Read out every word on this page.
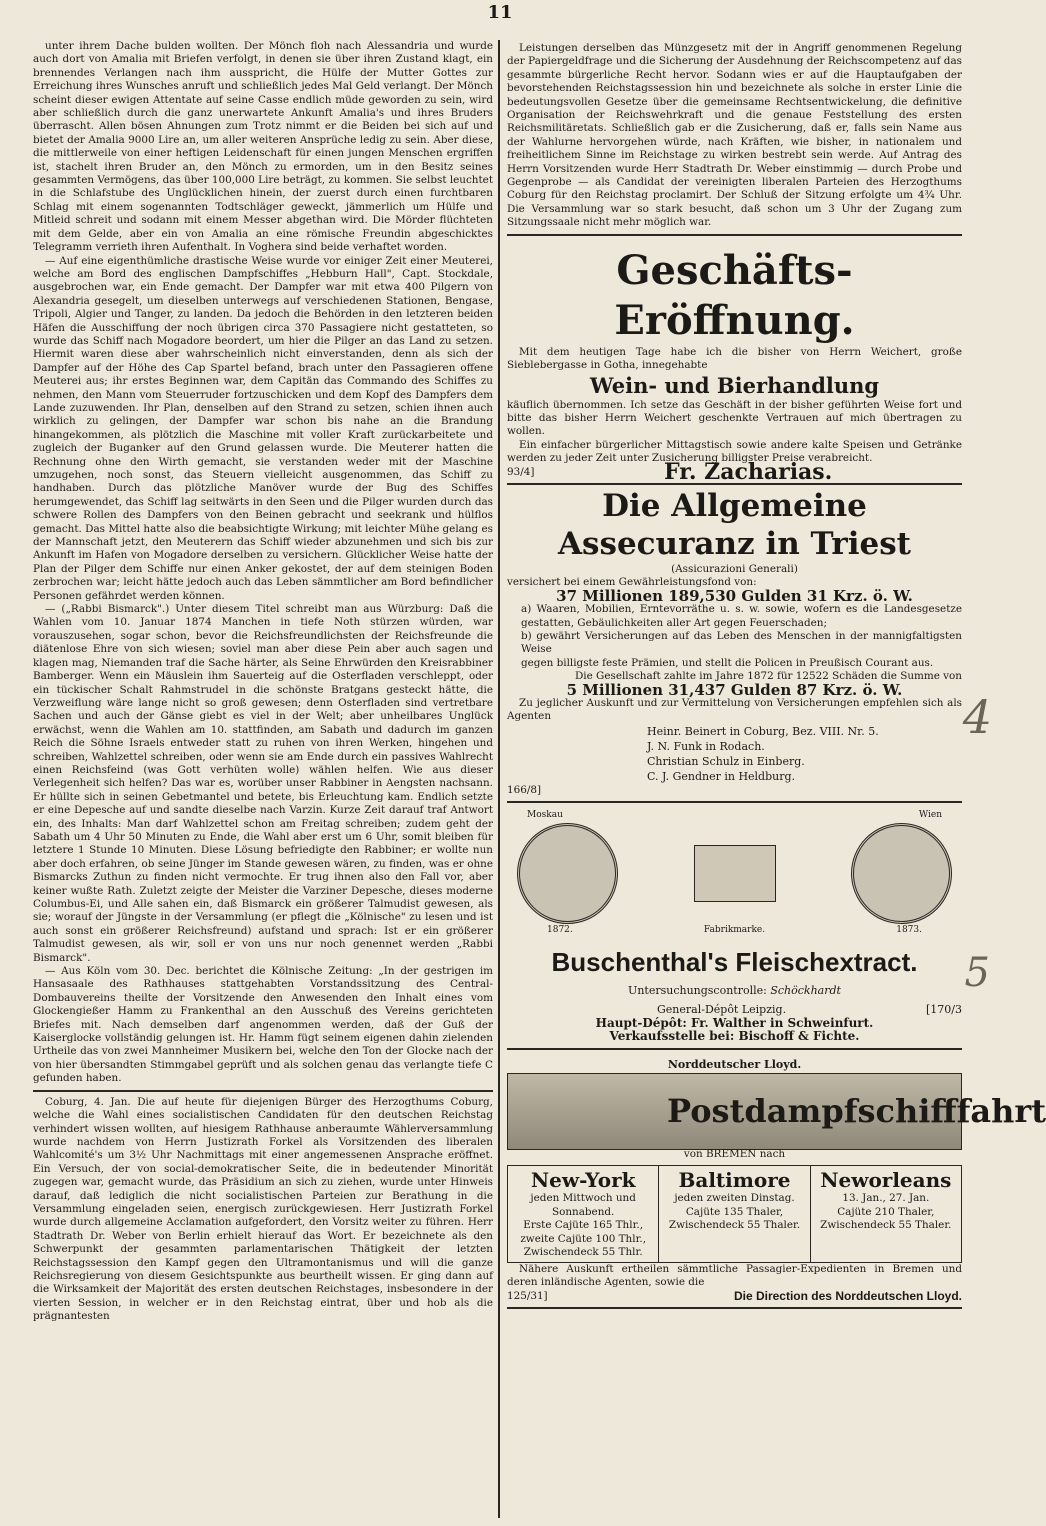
11

unter ihrem Dache bulden wollten. Der Mönch floh nach Alessandria und wurde auch dort von Amalia mit Briefen verfolgt, in denen sie über ihren Zustand klagt, ein brennendes Verlangen nach ihm ausspricht, die Hülfe der Mutter Gottes zur Erreichung ihres Wunsches anruft und schließlich jedes Mal Geld verlangt. Der Mönch scheint dieser ewigen Attentate auf seine Casse endlich müde geworden zu sein, wird aber schließlich durch die ganz unerwartete Ankunft Amalia's und ihres Bruders überrascht. Allen bösen Ahnungen zum Trotz nimmt er die Beiden bei sich auf und bietet der Amalia 9000 Lire an, um aller weiteren Ansprüche ledig zu sein. Aber diese, die mittlerweile von einer heftigen Leidenschaft für einen jungen Menschen ergriffen ist, stachelt ihren Bruder an, den Mönch zu ermorden, um in den Besitz seines gesammten Vermögens, das über 100,000 Lire beträgt, zu kommen. Sie selbst leuchtet in die Schlafstube des Unglücklichen hinein, der zuerst durch einen furchtbaren Schlag mit einem sogenannten Todtschläger geweckt, jämmerlich um Hülfe und Mitleid schreit und sodann mit einem Messer abgethan wird. Die Mörder flüchteten mit dem Gelde, aber ein von Amalia an eine römische Freundin abgeschicktes Telegramm verrieth ihren Aufenthalt. In Voghera sind beide verhaftet worden.

— Auf eine eigenthümliche drastische Weise wurde vor einiger Zeit einer Meuterei, welche am Bord des englischen Dampfschiffes „Hebburn Hall", Capt. Stockdale, ausgebrochen war, ein Ende gemacht. Der Dampfer war mit etwa 400 Pilgern von Alexandria gesegelt, um dieselben unterwegs auf verschiedenen Stationen, Bengase, Tripoli, Algier und Tanger, zu landen. Da jedoch die Behörden in den letzteren beiden Häfen die Ausschiffung der noch übrigen circa 370 Passagiere nicht gestatteten, so wurde das Schiff nach Mogadore beordert, um hier die Pilger an das Land zu setzen. Hiermit waren diese aber wahrscheinlich nicht einverstanden, denn als sich der Dampfer auf der Höhe des Cap Spartel befand, brach unter den Passagieren offene Meuterei aus; ihr erstes Beginnen war, dem Capitän das Commando des Schiffes zu nehmen, den Mann vom Steuerruder fortzuschicken und dem Kopf des Dampfers dem Lande zuzuwenden. Ihr Plan, denselben auf den Strand zu setzen, schien ihnen auch wirklich zu gelingen, der Dampfer war schon bis nahe an die Brandung hinangekommen, als plötzlich die Maschine mit voller Kraft zurückarbeitete und zugleich der Buganker auf den Grund gelassen wurde. Die Meuterer hatten die Rechnung ohne den Wirth gemacht, sie verstanden weder mit der Maschine umzugehen, noch sonst, das Steuern vielleicht ausgenommen, das Schiff zu handhaben. Durch das plötzliche Manöver wurde der Bug des Schiffes herumgewendet, das Schiff lag seitwärts in den Seen und die Pilger wurden durch das schwere Rollen des Dampfers von den Beinen gebracht und seekrank und hülflos gemacht. Das Mittel hatte also die beabsichtigte Wirkung; mit leichter Mühe gelang es der Mannschaft jetzt, den Meuterern das Schiff wieder abzunehmen und sich bis zur Ankunft im Hafen von Mogadore derselben zu versichern. Glücklicher Weise hatte der Plan der Pilger dem Schiffe nur einen Anker gekostet, der auf dem steinigen Boden zerbrochen war; leicht hätte jedoch auch das Leben sämmtlicher am Bord befindlicher Personen gefährdet werden können.

— („Rabbi Bismarck".) Unter diesem Titel schreibt man aus Würzburg: Daß die Wahlen vom 10. Januar 1874 Manchen in tiefe Noth stürzen würden, war vorauszusehen, sogar schon, bevor die Reichsfreundlichsten der Reichsfreunde die diätenlose Ehre von sich wiesen; soviel man aber diese Pein aber auch sagen und klagen mag, Niemanden traf die Sache härter, als Seine Ehrwürden den Kreisrabbiner Bamberger. Wenn ein Mäuslein ihm Sauerteig auf die Osterfladen verschleppt, oder ein tückischer Schalt Rahmstrudel in die schönste Bratgans gesteckt hätte, die Verzweiflung wäre lange nicht so groß gewesen; denn Osterfladen sind vertretbare Sachen und auch der Gänse giebt es viel in der Welt; aber unheilbares Unglück erwächst, wenn die Wahlen am 10. stattfinden, am Sabath und dadurch im ganzen Reich die Söhne Israels entweder statt zu ruhen von ihren Werken, hingehen und schreiben, Wahlzettel schreiben, oder wenn sie am Ende durch ein passives Wahlrecht einen Reichsfeind (was Gott verhüten wolle) wählen helfen. Wie aus dieser Verlegenheit sich helfen? Das war es, worüber unser Rabbiner in Aengsten nachsann. Er hüllte sich in seinen Gebetmantel und betete, bis Erleuchtung kam. Endlich setzte er eine Depesche auf und sandte dieselbe nach Varzin. Kurze Zeit darauf traf Antwort ein, des Inhalts: Man darf Wahlzettel schon am Freitag schreiben; zudem geht der Sabath um 4 Uhr 50 Minuten zu Ende, die Wahl aber erst um 6 Uhr, somit bleiben für letztere 1 Stunde 10 Minuten. Diese Lösung befriedigte den Rabbiner; er wollte nun aber doch erfahren, ob seine Jünger im Stande gewesen wären, zu finden, was er ohne Bismarcks Zuthun zu finden nicht vermochte. Er trug ihnen also den Fall vor, aber keiner wußte Rath. Zuletzt zeigte der Meister die Varziner Depesche, dieses moderne Columbus-Ei, und Alle sahen ein, daß Bismarck ein größerer Talmudist gewesen, als sie; worauf der Jüngste in der Versammlung (er pflegt die „Kölnische" zu lesen und ist auch sonst ein größerer Reichsfreund) aufstand und sprach: Ist er ein größerer Talmudist gewesen, als wir, soll er von uns nur noch genennet werden „Rabbi Bismarck".

— Aus Köln vom 30. Dec. berichtet die Kölnische Zeitung: „In der gestrigen im Hansasaale des Rathhauses stattgehabten Vorstandssitzung des Central-Dombauvereins theilte der Vorsitzende den Anwesenden den Inhalt eines vom Glockengießer Hamm zu Frankenthal an den Ausschuß des Vereins gerichteten Briefes mit. Nach demselben darf angenommen werden, daß der Guß der Kaiserglocke vollständig gelungen ist. Hr. Hamm fügt seinem eigenen dahin zielenden Urtheile das von zwei Mannheimer Musikern bei, welche den Ton der Glocke nach der von hier übersandten Stimmgabel geprüft und als solchen genau das verlangte tiefe C gefunden haben.

Coburg, 4. Jan. Die auf heute für diejenigen Bürger des Herzogthums Coburg, welche die Wahl eines socialistischen Candidaten für den deutschen Reichstag verhindert wissen wollten, auf hiesigem Rathhause anberaumte Wählerversammlung wurde nachdem von Herrn Justizrath Forkel als Vorsitzenden des liberalen Wahlcomité's um 3½ Uhr Nachmittags mit einer angemessenen Ansprache eröffnet. Ein Versuch, der von social-demokratischer Seite, die in bedeutender Minorität zugegen war, gemacht wurde, das Präsidium an sich zu ziehen, wurde unter Hinweis darauf, daß lediglich die nicht socialistischen Parteien zur Berathung in die Versammlung eingeladen seien, energisch zurückgewiesen. Herr Justizrath Forkel wurde durch allgemeine Acclamation aufgefordert, den Vorsitz weiter zu führen. Herr Stadtrath Dr. Weber von Berlin erhielt hierauf das Wort. Er bezeichnete als den Schwerpunkt der gesammten parlamentarischen Thätigkeit der letzten Reichstagssession den Kampf gegen den Ultramontanismus und will die ganze Reichsregierung von diesem Gesichtspunkte aus beurtheilt wissen. Er ging dann auf die Wirksamkeit der Majorität des ersten deutschen Reichstages, insbesondere in der vierten Session, in welcher er in den Reichstag eintrat, über und hob als die prägnantesten

Leistungen derselben das Münzgesetz mit der in Angriff genommenen Regelung der Papiergeldfrage und die Sicherung der Ausdehnung der Reichscompetenz auf das gesammte bürgerliche Recht hervor. Sodann wies er auf die Hauptaufgaben der bevorstehenden Reichstagssession hin und bezeichnete als solche in erster Linie die bedeutungsvollen Gesetze über die gemeinsame Rechtsentwickelung, die definitive Organisation der Reichswehrkraft und die genaue Feststellung des ersten Reichsmilitäretats. Schließlich gab er die Zusicherung, daß er, falls sein Name aus der Wahlurne hervorgehen würde, nach Kräften, wie bisher, in nationalem und freiheitlichem Sinne im Reichstage zu wirken bestrebt sein werde. Auf Antrag des Herrn Vorsitzenden wurde Herr Stadtrath Dr. Weber einstimmig — durch Probe und Gegenprobe — als Candidat der vereinigten liberalen Parteien des Herzogthums Coburg für den Reichstag proclamirt. Der Schluß der Sitzung erfolgte um 4¾ Uhr. Die Versammlung war so stark besucht, daß schon um 3 Uhr der Zugang zum Sitzungssaale nicht mehr möglich war.

Geschäfts-Eröffnung.

Mit dem heutigen Tage habe ich die bisher von Herrn Weichert, große Sieblebergasse in Gotha, innegehabte

Wein- und Bierhandlung

käuflich übernommen. Ich setze das Geschäft in der bisher geführten Weise fort und bitte das bisher Herrn Weichert geschenkte Vertrauen auf mich übertragen zu wollen.

Ein einfacher bürgerlicher Mittagstisch sowie andere kalte Speisen und Getränke werden zu jeder Zeit unter Zusicherung billigster Preise verabreicht.

93/4]	Fr. Zacharias.
Die Allgemeine Assecuranz in Triest
(Assicurazioni Generali)
versichert bei einem Gewährleistungsfond von:
37 Millionen 189,530 Gulden 31 Krz. ö. W.
a) Waaren, Mobilien, Erntevorräthe u. s. w. sowie, wofern es die Landesgesetze gestatten, Gebäulichkeiten aller Art gegen Feuerschaden;
b) gewährt Versicherungen auf das Leben des Menschen in der mannigfaltigsten Weise
gegen billigste feste Prämien, und stellt die Policen in Preußisch Courant aus.
Die Gesellschaft zahlte im Jahre 1872 für 12522 Schäden die Summe von
5 Millionen 31,437 Gulden 87 Krz. ö. W.

Zu jeglicher Auskunft und zur Vermittelung von Versicherungen empfehlen sich als Agenten

Heinr. Beinert in Coburg, Bez. VIII. Nr. 5.
J. N. Funk in Rodach.
Christian Schulz in Einberg.
C. J. Gendner in Heldburg.
166/8]
Moskau	Wien
1872.	Fabrikmarke.	1873.
Buschenthal's Fleischextract.
Untersuchungscontrolle: Schöckhardt
General-Dépôt Leipzig.	[170/3
Haupt-Dépôt: Fr. Walther in Schweinfurt.
Verkaufsstelle bei: Bischoff & Fichte.
Norddeutscher Lloyd.
Postdampfschifffahrt
von BREMEN nach
New-York
jeden Mittwoch und Sonnabend.
Erste Cajüte 165 Thlr., zweite Cajüte 100 Thlr., Zwischendeck 55 Thlr.
Baltimore
jeden zweiten Dinstag.
Cajüte 135 Thaler, Zwischendeck 55 Thaler.
Neworleans
13. Jan., 27. Jan.
Cajüte 210 Thaler, Zwischendeck 55 Thaler.

Nähere Auskunft ertheilen sämmtliche Passagier-Expedienten in Bremen und deren inländische Agenten, sowie die

125/31]	Die Direction des Norddeutschen Lloyd.
4
5
